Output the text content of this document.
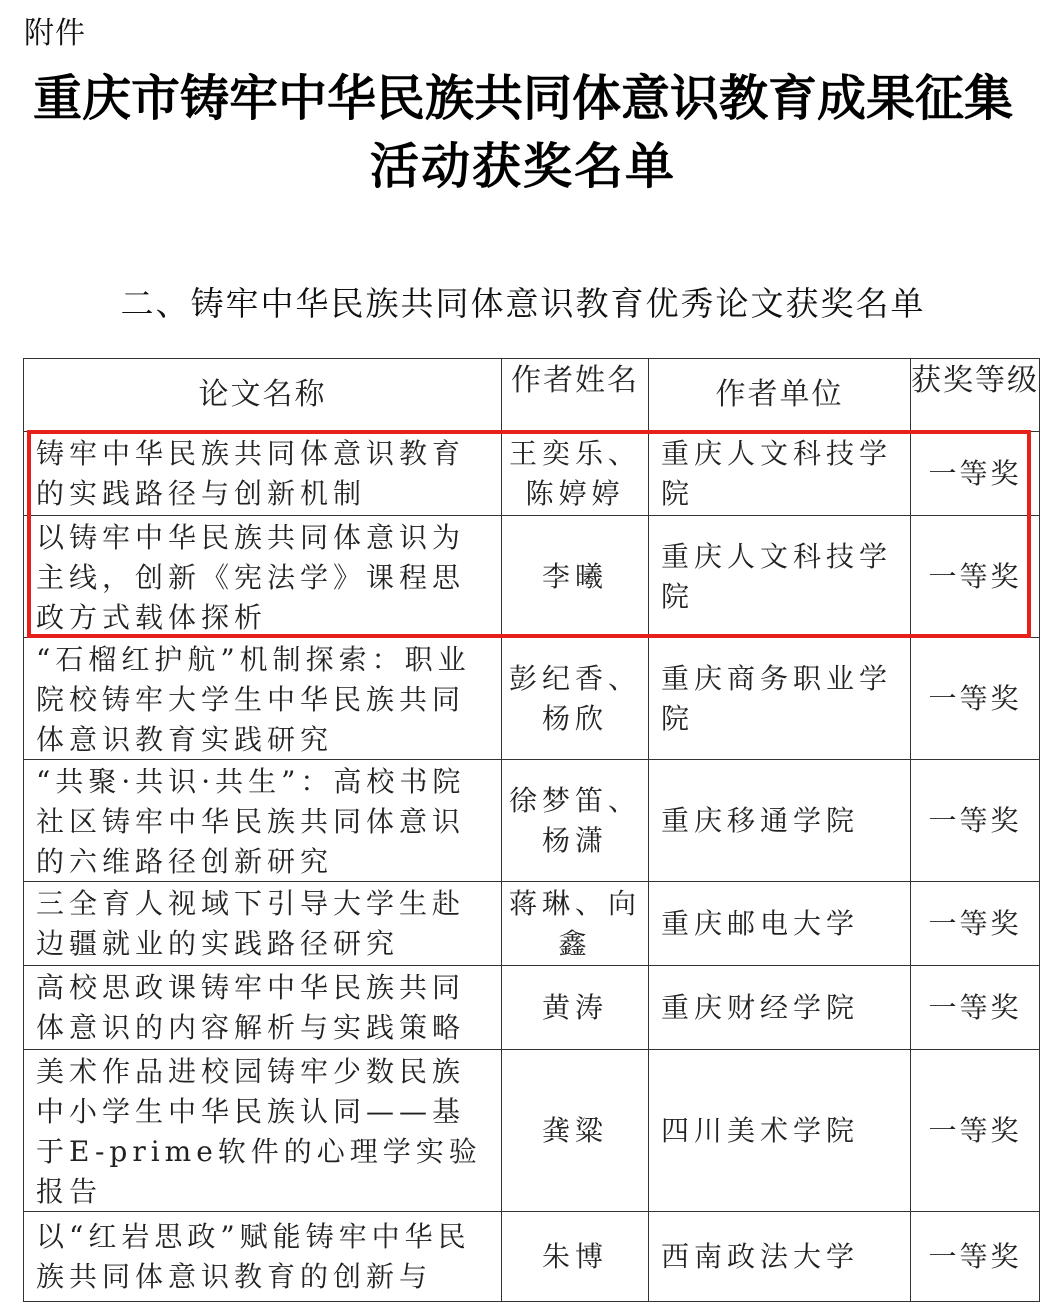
附件
重庆市铸牢中华民族共同体意识教育成果征集
活动获奖名单
二、铸牢中华民族共同体意识教育优秀论文获奖名单
论文名称	作者姓名	作者单位	获奖等级

铸牢中华民族共同体意识教育的实践路径与创新机制	王奕乐、陈婷婷	重庆人文科技学院	一等奖

以铸牢中华民族共同体意识为主线，创新《宪法学》课程思政方式载体探析	李曦	重庆人文科技学院	一等奖

“石榴红护航”机制探索：职业院校铸牢大学生中华民族共同体意识教育实践研究	彭纪香、杨欣	重庆商务职业学院	一等奖

“共聚·共识·共生”：高校书院社区铸牢中华民族共同体意识的六维路径创新研究	徐梦笛、杨潇	重庆移通学院	一等奖

三全育人视域下引导大学生赴边疆就业的实践路径研究	蒋琳、向鑫	重庆邮电大学	一等奖

高校思政课铸牢中华民族共同体意识的内容解析与实践策略	黄涛	重庆财经学院	一等奖

美术作品进校园铸牢少数民族中小学生中华民族认同——基于E-prime软件的心理学实验报告	龚粱	四川美术学院	一等奖

以“红岩思政”赋能铸牢中华民族共同体意识教育的创新与	朱博	西南政法大学	一等奖
